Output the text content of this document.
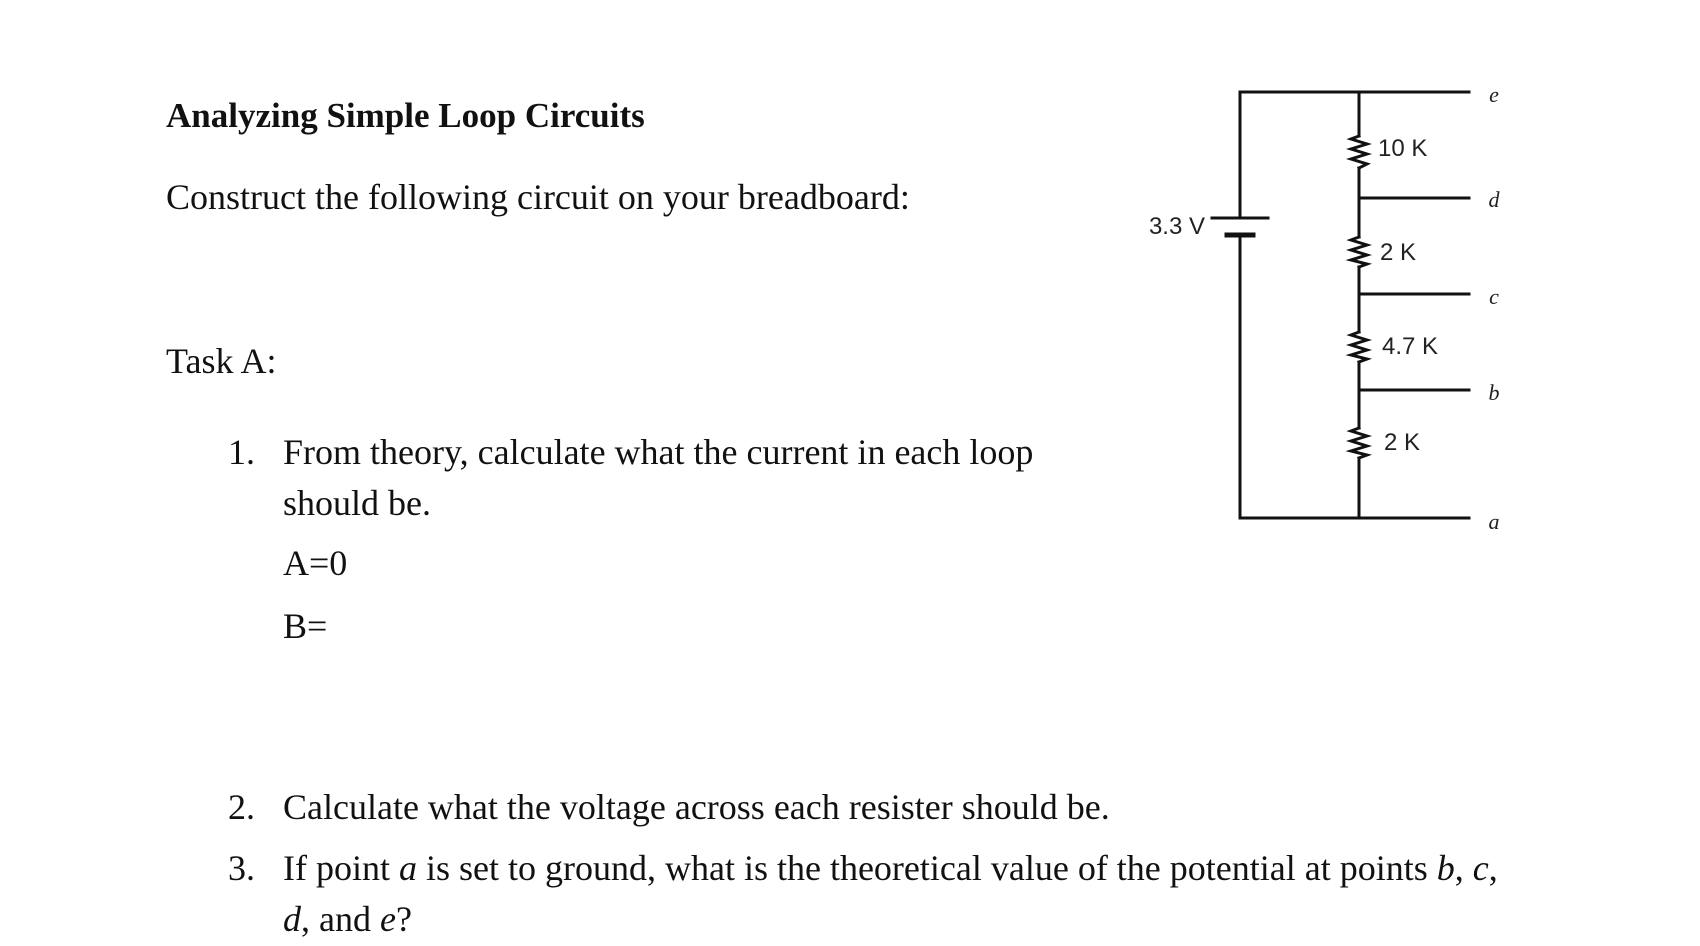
Analyzing Simple Loop Circuits
Construct the following circuit on your breadboard:
Task A:
1. From theory, calculate what the current in each loop
should be.
A=0
B=
2. Calculate what the voltage across each resister should be.
3. If point a is set to ground, what is the theoretical value of the potential at points b, c,
d, and e?
3.3 V
10 K
2 K
4.7 K
2 K
e
d
c
b
a
